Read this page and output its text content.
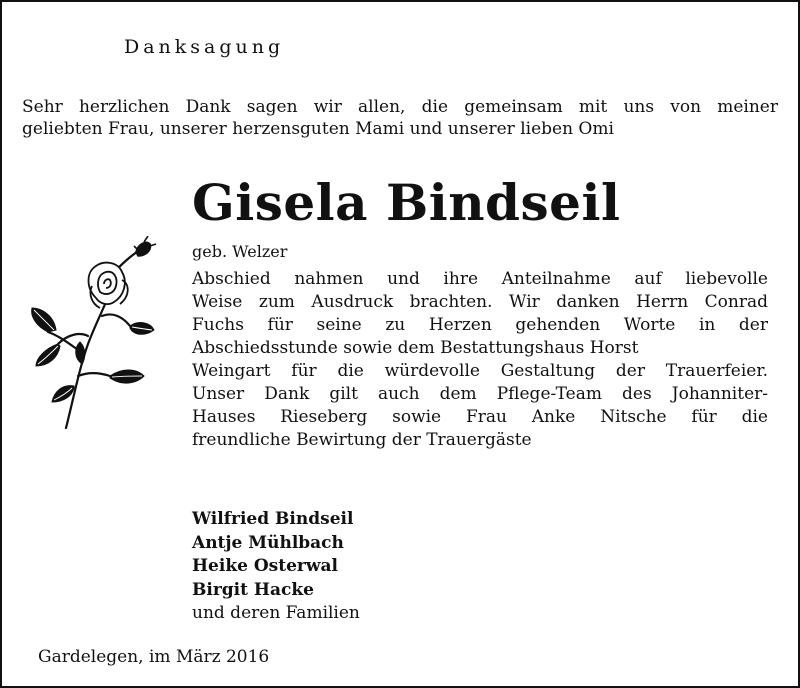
Danksagung
Sehr herzlichen Dank sagen wir allen, die gemeinsam mit uns von meiner
geliebten Frau, unserer herzensguten Mami und unserer lieben Omi
Gisela Bindseil
geb. Welzer
Abschied nahmen und ihre Anteilnahme auf liebevolle
Weise zum Ausdruck brachten. Wir danken Herrn Conrad
Fuchs für seine zu Herzen gehenden Worte in der
Abschiedsstunde sowie dem Bestattungshaus Horst
Weingart für die würdevolle Gestaltung der Trauerfeier.
Unser Dank gilt auch dem Pflege-Team des Johanniter-
Hauses Rieseberg sowie Frau Anke Nitsche für die
freundliche Bewirtung der Trauergäste
Wilfried Bindseil
Antje Mühlbach
Heike Osterwal
Birgit Hacke
und deren Familien
Gardelegen, im März 2016
